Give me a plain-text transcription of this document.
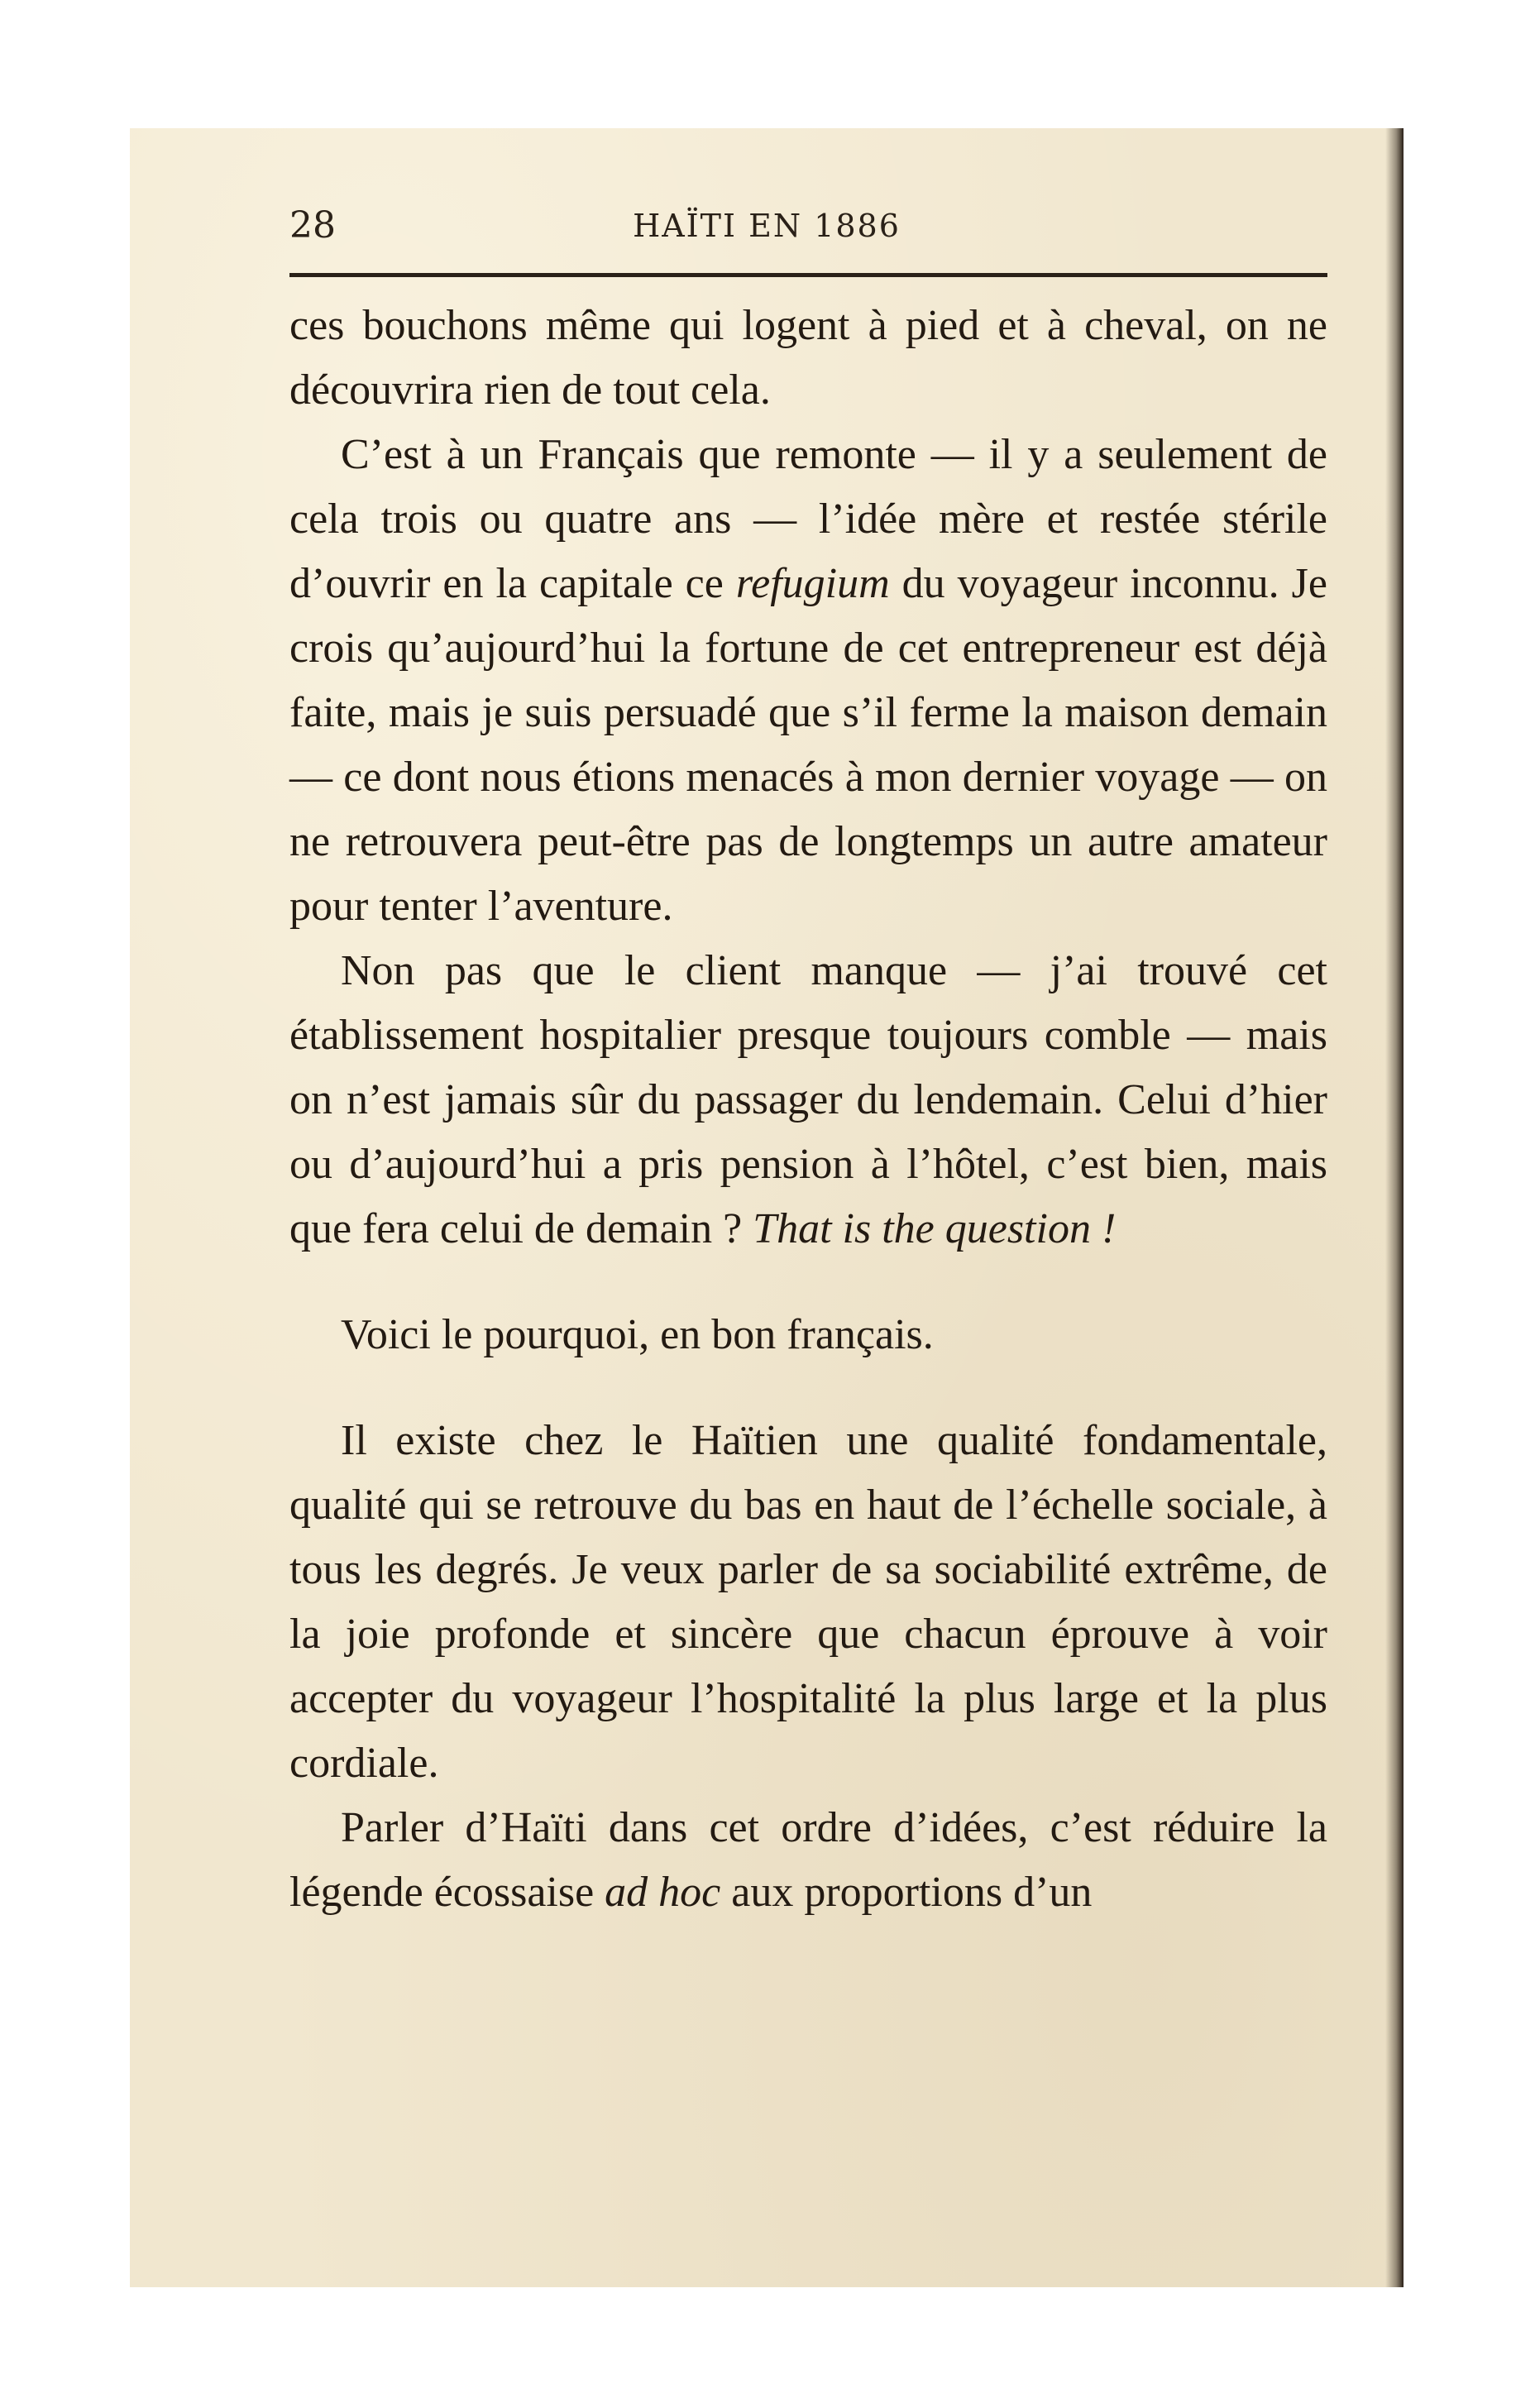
28	HAÏTI EN 1886

ces bouchons même qui logent à pied et à cheval, on ne découvrira rien de tout cela.

C’est à un Français que remonte — il y a seulement de cela trois ou quatre ans — l’idée mère et restée stérile d’ouvrir en la capitale ce refugium du voyageur inconnu. Je crois qu’aujourd’hui la fortune de cet entrepreneur est déjà faite, mais je suis persuadé que s’il ferme la maison demain — ce dont nous étions menacés à mon dernier voyage — on ne retrouvera peut-être pas de longtemps un autre amateur pour tenter l’aventure.

Non pas que le client manque — j’ai trouvé cet établissement hospitalier presque toujours comble — mais on n’est jamais sûr du passager du lendemain. Celui d’hier ou d’aujourd’hui a pris pension à l’hôtel, c’est bien, mais que fera celui de demain ? That is the question !

Voici le pourquoi, en bon français.

Il existe chez le Haïtien une qualité fondamentale, qualité qui se retrouve du bas en haut de l’échelle sociale, à tous les degrés. Je veux parler de sa sociabilité extrême, de la joie profonde et sincère que chacun éprouve à voir accepter du voyageur l’hospitalité la plus large et la plus cordiale.

Parler d’Haïti dans cet ordre d’idées, c’est réduire la légende écossaise ad hoc aux proportions d’un
